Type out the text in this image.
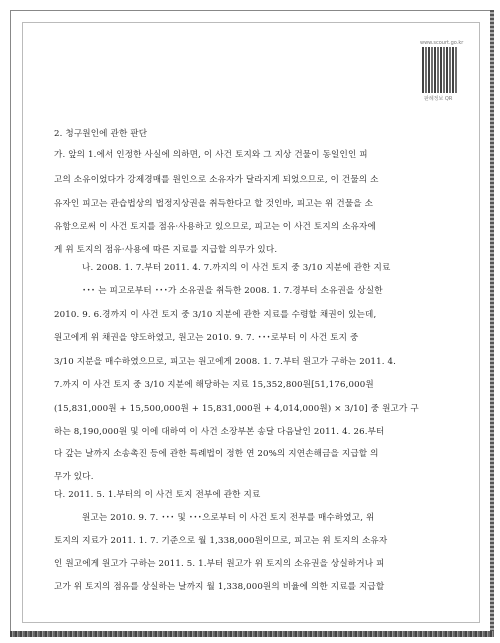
www.scourt.go.kr
판례정보 QR
2. 청구원인에 관한 판단
가. 앞의 1.에서 인정한 사실에 의하면, 이 사건 토지와 그 지상 건물이 동일인인 피
고의 소유이었다가 강제경매를 원인으로 소유자가 달라지게 되었으므로, 이 건물의 소
유자인 피고는 관습법상의 법정지상권을 취득한다고 할 것인바, 피고는 위 건물을 소
유함으로써 이 사건 토지를 점유·사용하고 있으므로, 피고는 이 사건 토지의 소유자에
게 위 토지의 점유·사용에 따른 지료를 지급할 의무가 있다.
나. 2008. 1. 7.부터 2011. 4. 7.까지의 이 사건 토지 중 3/10 지분에 관한 지료
･･･ 는 피고로부터 ･･･가 소유권을 취득한 2008. 1. 7.경부터 소유권을 상실한
2010. 9. 6.경까지 이 사건 토지 중 3/10 지분에 관한 지료를 수령할 채권이 있는데,
원고에게 위 채권을 양도하였고, 원고는 2010. 9. 7. ･･･로부터 이 사건 토지 중
3/10 지분을 매수하였으므로, 피고는 원고에게 2008. 1. 7.부터 원고가 구하는 2011. 4.
7.까지 이 사건 토지 중 3/10 지분에 해당하는 지료 15,352,800원[51,176,000원
(15,831,000원 + 15,500,000원 + 15,831,000원 + 4,014,000원) × 3/10] 중 원고가 구
하는 8,190,000원 및 이에 대하여 이 사건 소장부본 송달 다음날인 2011. 4. 26.부터
다 갚는 날까지 소송촉진 등에 관한 특례법이 정한 연 20%의 지연손해금을 지급할 의
무가 있다.
다. 2011. 5. 1.부터의 이 사건 토지 전부에 관한 지료
원고는 2010. 9. 7. ･･･ 및 ･･･으로부터 이 사건 토지 전부를 매수하였고, 위
토지의 지료가 2011. 1. 7. 기준으로 월 1,338,000원이므로, 피고는 위 토지의 소유자
인 원고에게 원고가 구하는 2011. 5. 1.부터 원고가 위 토지의 소유권을 상실하거나 피
고가 위 토지의 점유를 상실하는 날까지 월 1,338,000원의 비율에 의한 지료를 지급할
